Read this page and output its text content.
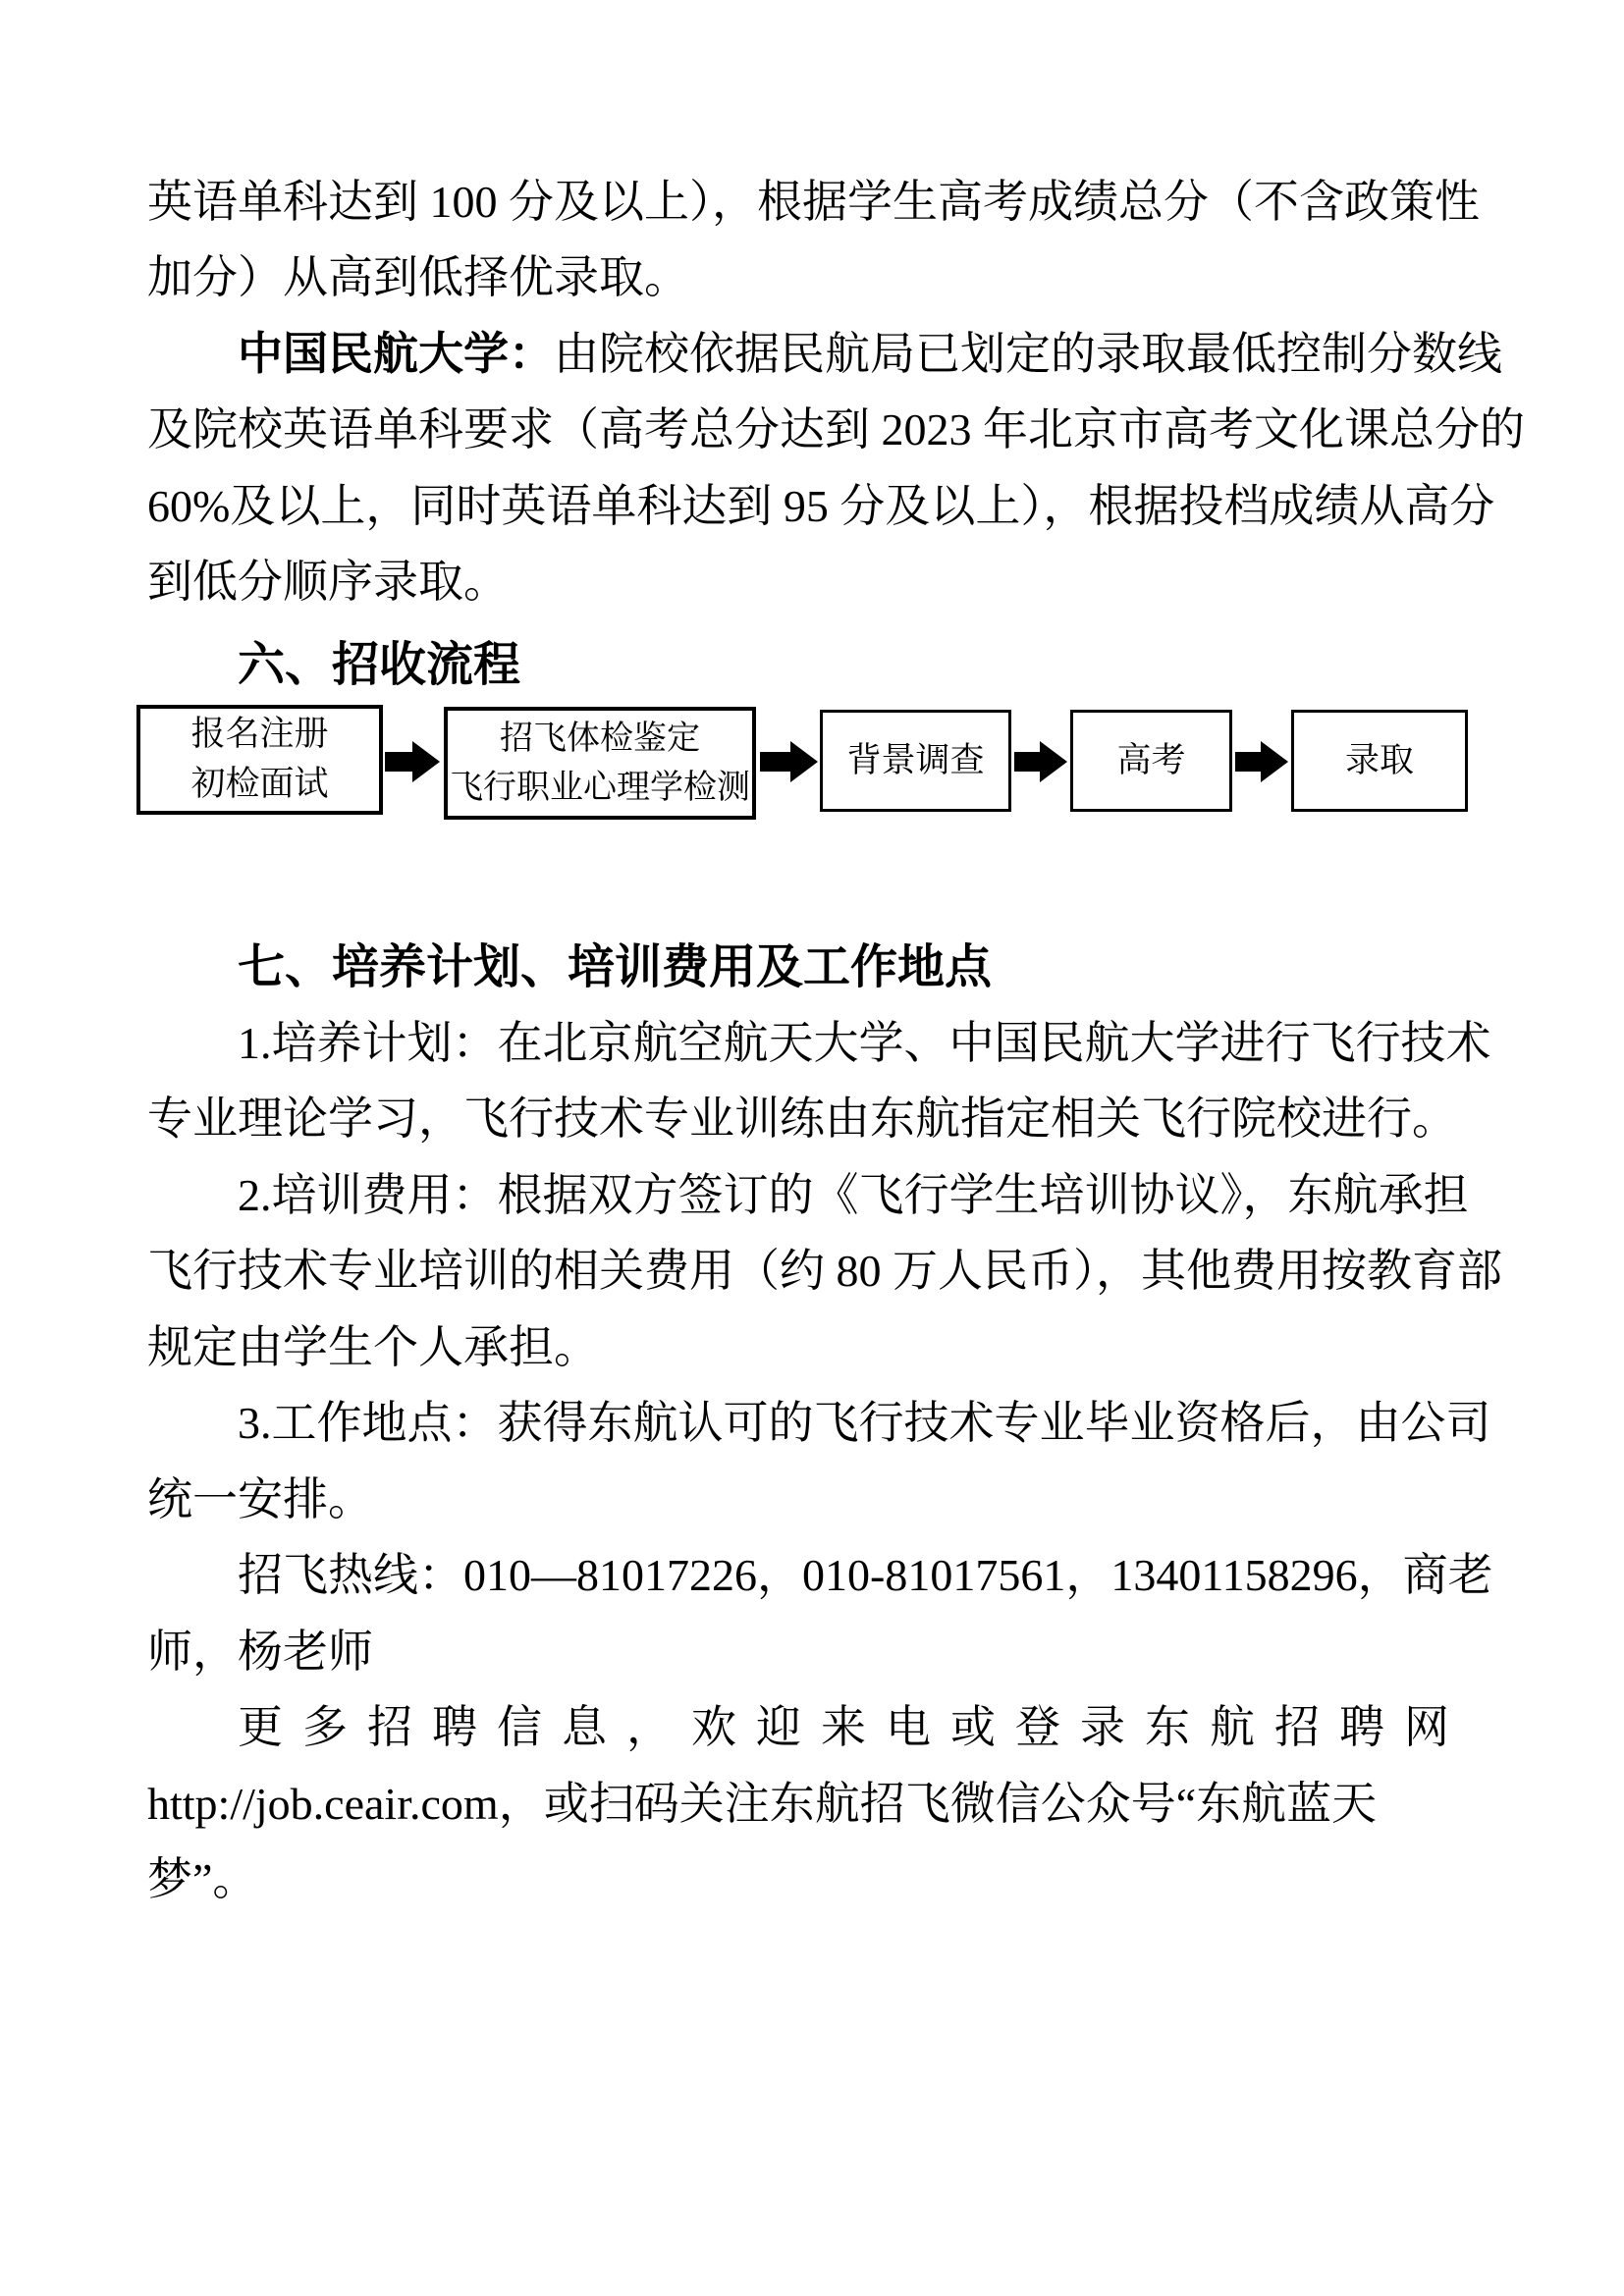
英语单科达到 100 分及以上），根据学生高考成绩总分（不含政策性
加分）从高到低择优录取。
中国民航大学：由院校依据民航局已划定的录取最低控制分数线
及院校英语单科要求（高考总分达到 2023 年北京市高考文化课总分的
60%及以上，同时英语单科达到 95 分及以上），根据投档成绩从高分
到低分顺序录取。
六、招收流程
报名注册
初检面试
招飞体检鉴定
飞行职业心理学检测
背景调查	高考	录取
七、培养计划、培训费用及工作地点
1.培养计划：在北京航空航天大学、中国民航大学进行飞行技术
专业理论学习，飞行技术专业训练由东航指定相关飞行院校进行。
2.培训费用：根据双方签订的《飞行学生培训协议》，东航承担
飞行技术专业培训的相关费用（约 80 万人民币），其他费用按教育部
规定由学生个人承担。
3.工作地点：获得东航认可的飞行技术专业毕业资格后，由公司
统一安排。
招飞热线：010—81017226，010-81017561，13401158296，商老
师，杨老师
更多招聘信息，欢迎来电或登录东航招聘网
http://job.ceair.com，或扫码关注东航招飞微信公众号“东航蓝天
梦”。
